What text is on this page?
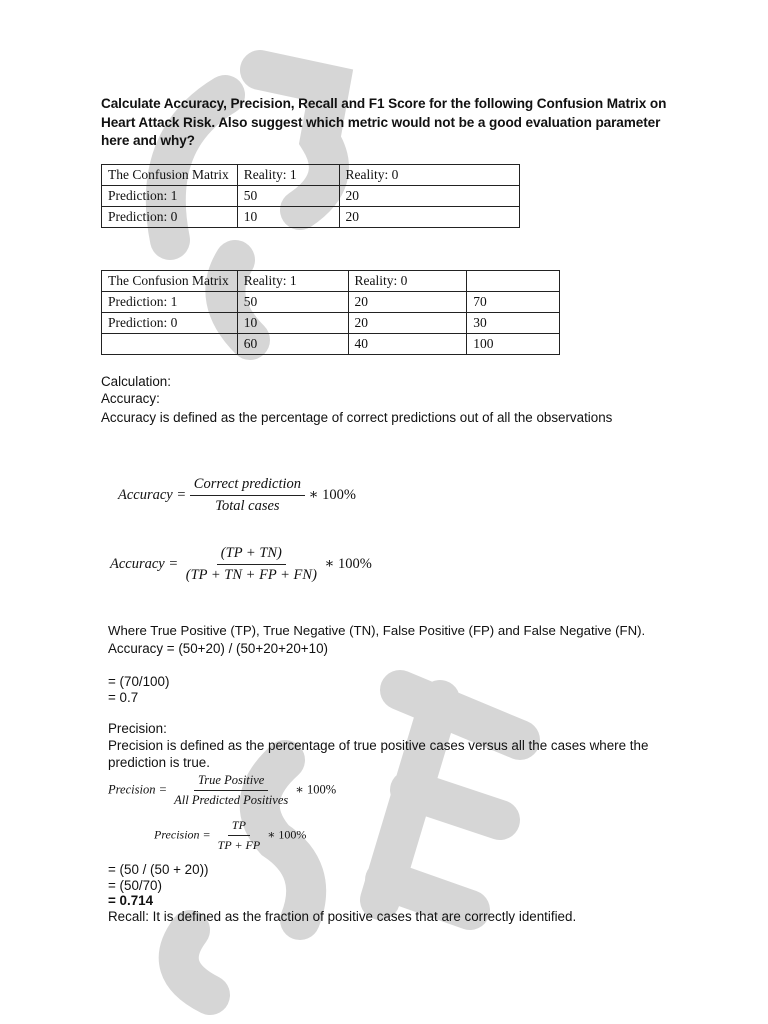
Calculate Accuracy, Precision, Recall and F1 Score for the following Confusion Matrix on Heart Attack Risk. Also suggest which metric would not be a good evaluation parameter here and why?
The Confusion Matrix	Reality: 1	Reality: 0
Prediction: 1	50	20
Prediction: 0	10	20
The Confusion Matrix	Reality: 1	Reality: 0	
Prediction: 1	50	20	70
Prediction: 0	10	20	30
	60	40	100
Calculation:
Accuracy:
Accuracy is defined as the percentage of correct predictions out of all the observations
Accuracy = $\frac{\text{Correct prediction}}{\text{Total cases}}$ ∗ 100%
Accuracy = $\frac{(TP + TN)}{(TP + TN + FP + FN)}$ ∗ 100%
Where True Positive (TP), True Negative (TN), False Positive (FP) and False Negative (FN).
Accuracy = (50+20) / (50+20+20+10)
= (70/100)
= 0.7
Precision:
Precision is defined as the percentage of true positive cases versus all the cases where the
prediction is true.
Precision = $\frac{\text{True Positive}}{\text{All Predicted Positives}}$ ∗ 100%
Precision = $\frac{TP}{TP + FP}$ ∗ 100%
= (50 / (50 + 20))
= (50/70)
= 0.714
Recall: It is defined as the fraction of positive cases that are correctly identified.
